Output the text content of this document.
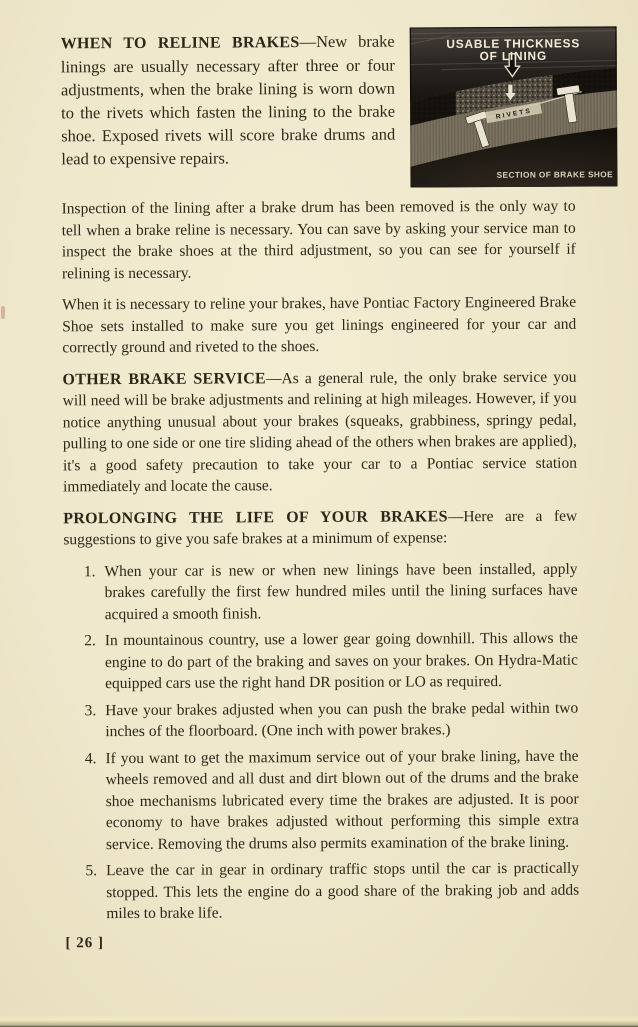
WHEN TO RELINE BRAKES—New brake linings are usually necessary after three or four adjustments, when the brake lining is worn down to the rivets which fasten the lining to the brake shoe. Exposed rivets will score brake drums and lead to expensive repairs.

RIVETS
USABLE THICKNESS
OF LINING
SECTION OF BRAKE SHOE

Inspection of the lining after a brake drum has been removed is the only way to tell when a brake reline is necessary. You can save by asking your service man to inspect the brake shoes at the third adjustment, so you can see for yourself if relining is necessary.

When it is necessary to reline your brakes, have Pontiac Factory Engineered Brake Shoe sets installed to make sure you get linings engineered for your car and correctly ground and riveted to the shoes.

OTHER BRAKE SERVICE—As a general rule, the only brake service you will need will be brake adjustments and relining at high mileages. However, if you notice anything unusual about your brakes (squeaks, grabbiness, springy pedal, pulling to one side or one tire sliding ahead of the others when brakes are applied), it's a good safety precaution to take your car to a Pontiac service station immediately and locate the cause.

PROLONGING THE LIFE OF YOUR BRAKES—Here are a few suggestions to give you safe brakes at a minimum of expense:

1. When your car is new or when new linings have been installed, apply brakes carefully the first few hundred miles until the lining surfaces have acquired a smooth finish.
2. In mountainous country, use a lower gear going downhill. This allows the engine to do part of the braking and saves on your brakes. On Hydra-Matic equipped cars use the right hand DR position or LO as required.
3. Have your brakes adjusted when you can push the brake pedal within two inches of the floorboard. (One inch with power brakes.)
4. If you want to get the maximum service out of your brake lining, have the wheels removed and all dust and dirt blown out of the drums and the brake shoe mechanisms lubricated every time the brakes are adjusted. It is poor economy to have brakes adjusted without performing this simple extra service. Removing the drums also permits examination of the brake lining.
5. Leave the car in gear in ordinary traffic stops until the car is practically stopped. This lets the engine do a good share of the braking job and adds miles to brake life.
[ 26 ]
